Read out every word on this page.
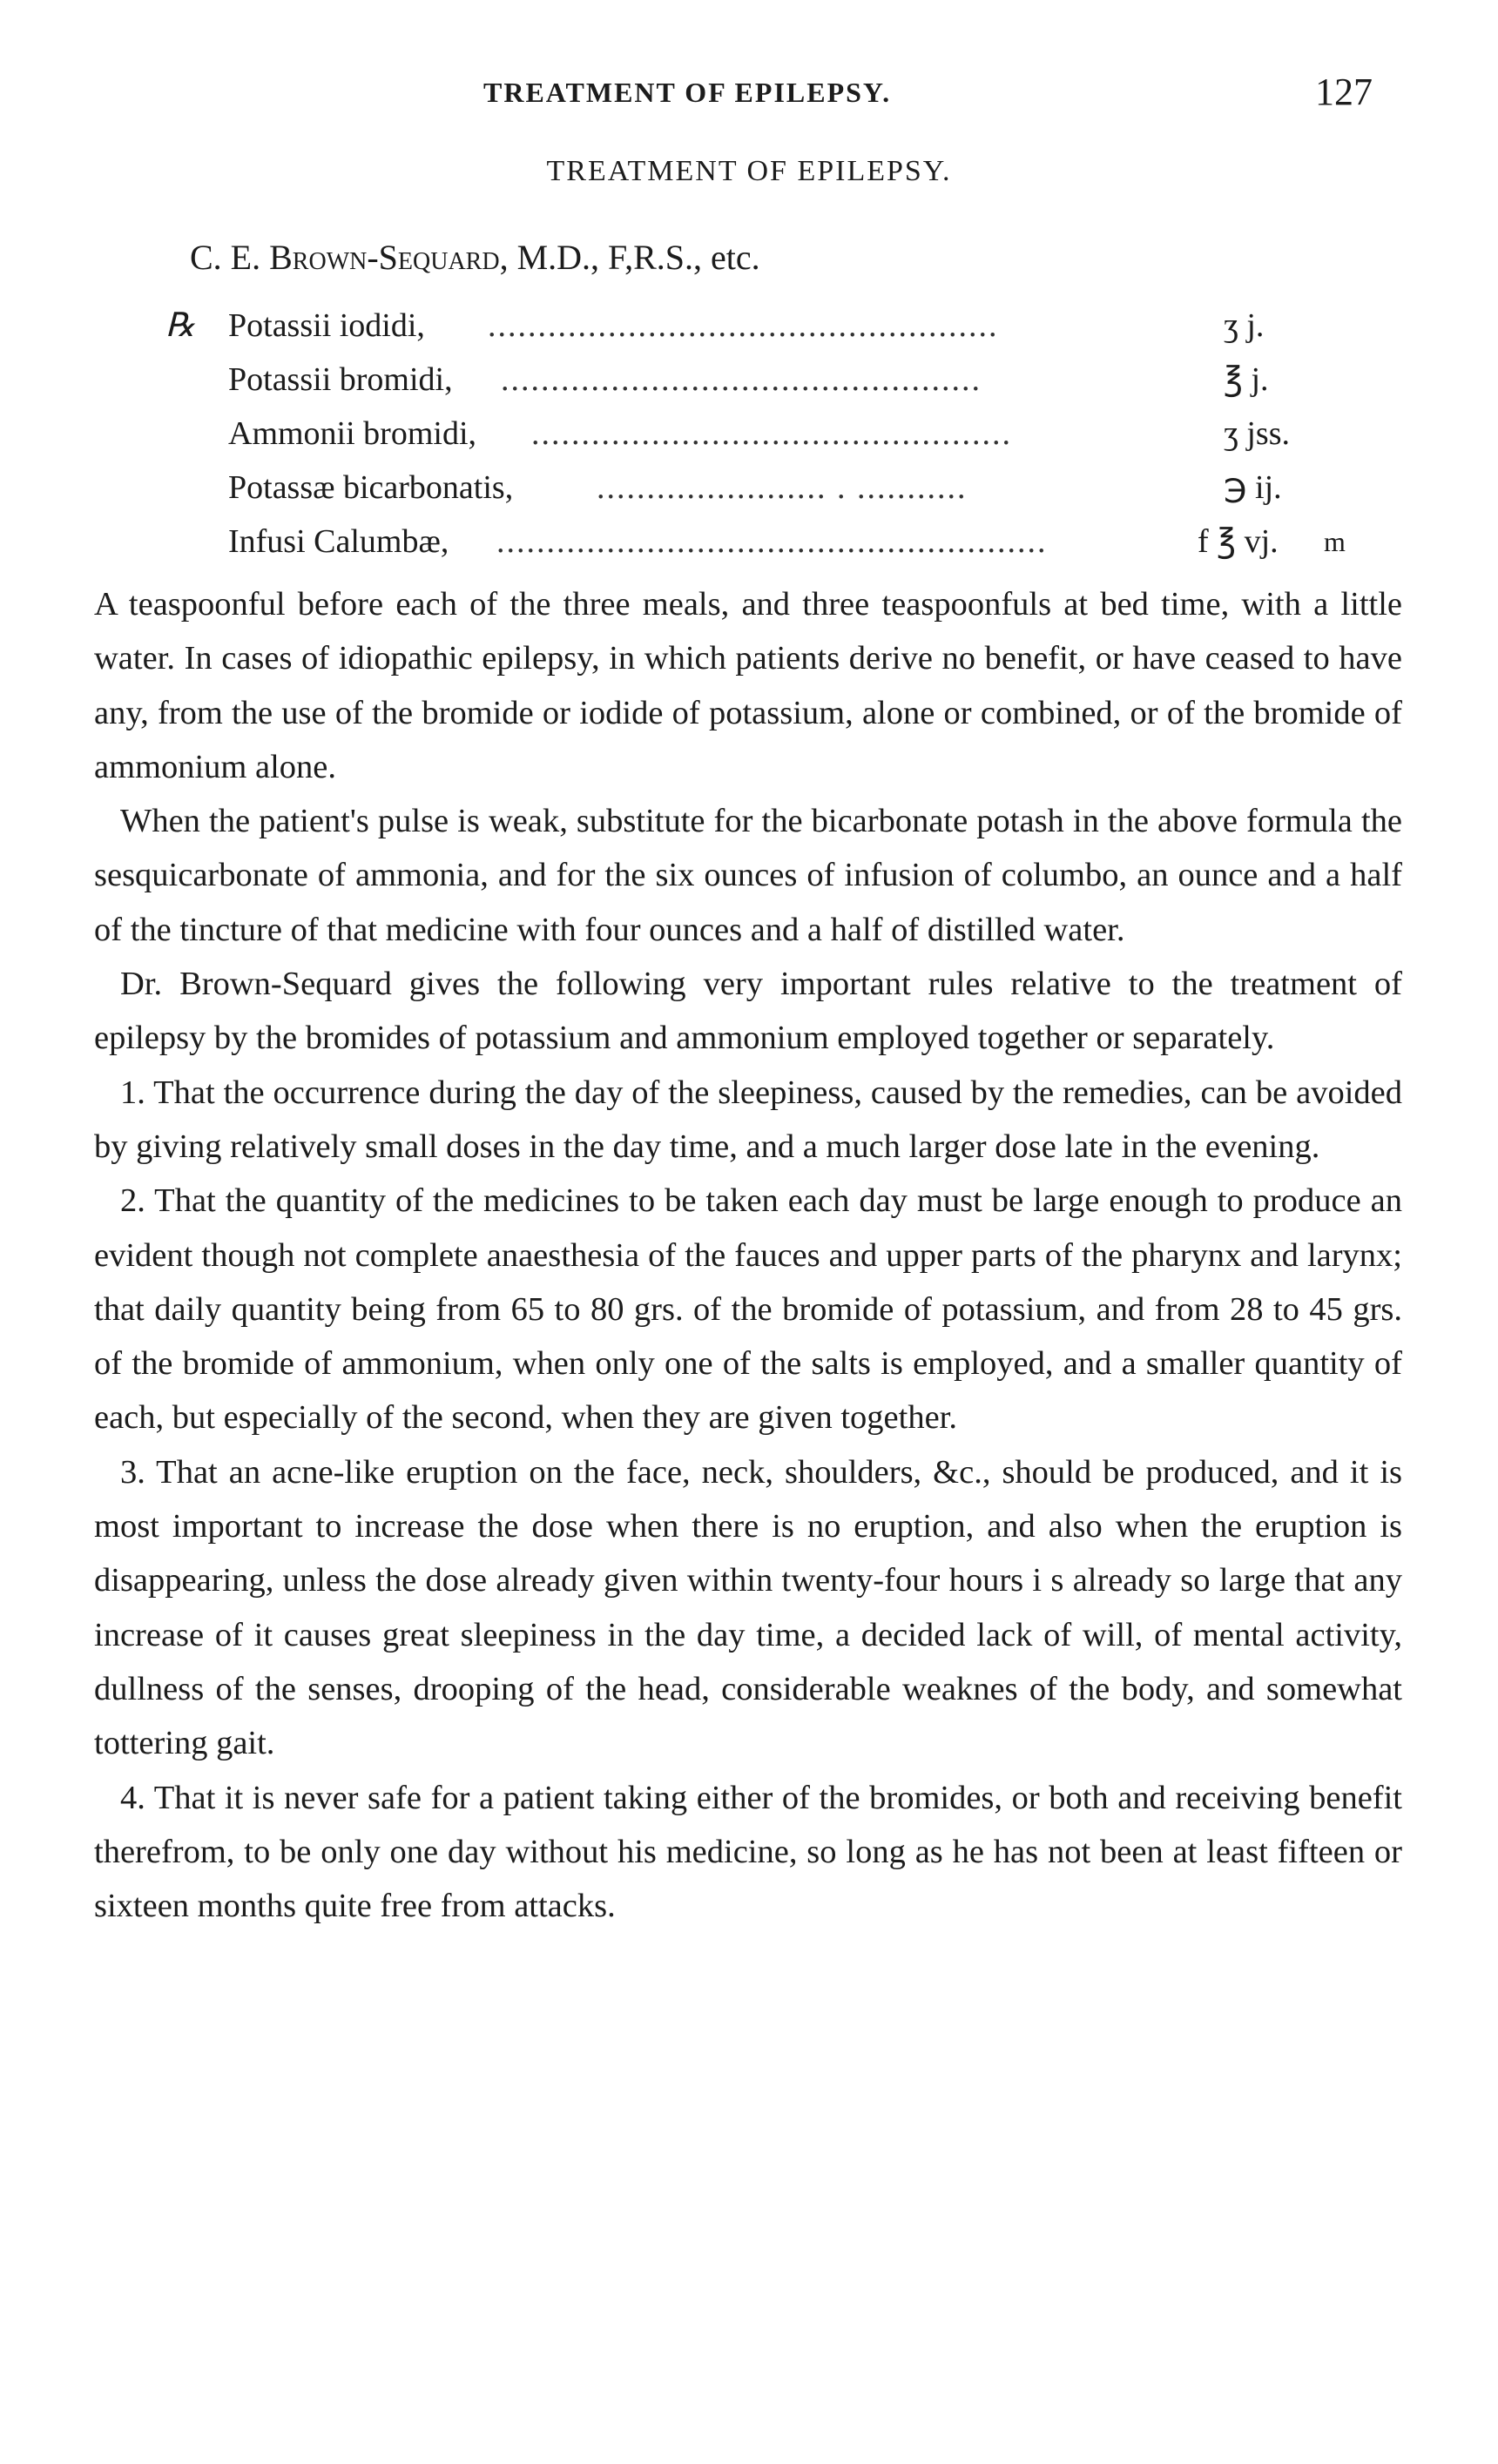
TREATMENT OF EPILEPSY.	127
TREATMENT OF EPILEPSY.
C. E. Brown-Sequard, M.D., F,R.S., etc.
℞ Potassii iodidi, ...................................................	ʒ j.
Potassii bromidi, ................................................	℥ j.
Ammonii bromidi, ................................................	ʒ jss.
Potassæ bicarbonatis,	....................... . ...........	℈ ij.
Infusi Calumbæ, .......................................................	f ℥ vj. m

A teaspoonful before each of the three meals, and three teaspoonfuls at bed time, with a little water. In cases of idiopathic epilepsy, in which patients derive no benefit, or have ceased to have any, from the use of the bromide or iodide of potassium, alone or combined, or of the bromide of ammonium alone.

When the patient's pulse is weak, substitute for the bicarbonate potash in the above formula the sesquicarbonate of ammonia, and for the six ounces of infusion of columbo, an ounce and a half of the tincture of that medicine with four ounces and a half of distilled water.

Dr. Brown-Sequard gives the following very important rules relative to the treatment of epilepsy by the bromides of potassium and ammonium employed together or separately.

1. That the occurrence during the day of the sleepiness, caused by the remedies, can be avoided by giving relatively small doses in the day time, and a much larger dose late in the evening.

2. That the quantity of the medicines to be taken each day must be large enough to produce an evident though not complete anaesthesia of the fauces and upper parts of the pharynx and larynx; that daily quantity being from 65 to 80 grs. of the bromide of potassium, and from 28 to 45 grs. of the bromide of ammonium, when only one of the salts is employed, and a smaller quantity of each, but especially of the second, when they are given together.

3. That an acne-like eruption on the face, neck, shoulders, &c., should be produced, and it is most important to increase the dose when there is no eruption, and also when the eruption is disappearing, unless the dose already given within twenty-four hours i s already so large that any increase of it causes great sleepiness in the day time, a decided lack of will, of mental activity, dullness of the senses, drooping of the head, considerable weaknes of the body, and somewhat tottering gait.

4. That it is never safe for a patient taking either of the bromides, or both and receiving benefit therefrom, to be only one day without his medicine, so long as he has not been at least fifteen or sixteen months quite free from attacks.
